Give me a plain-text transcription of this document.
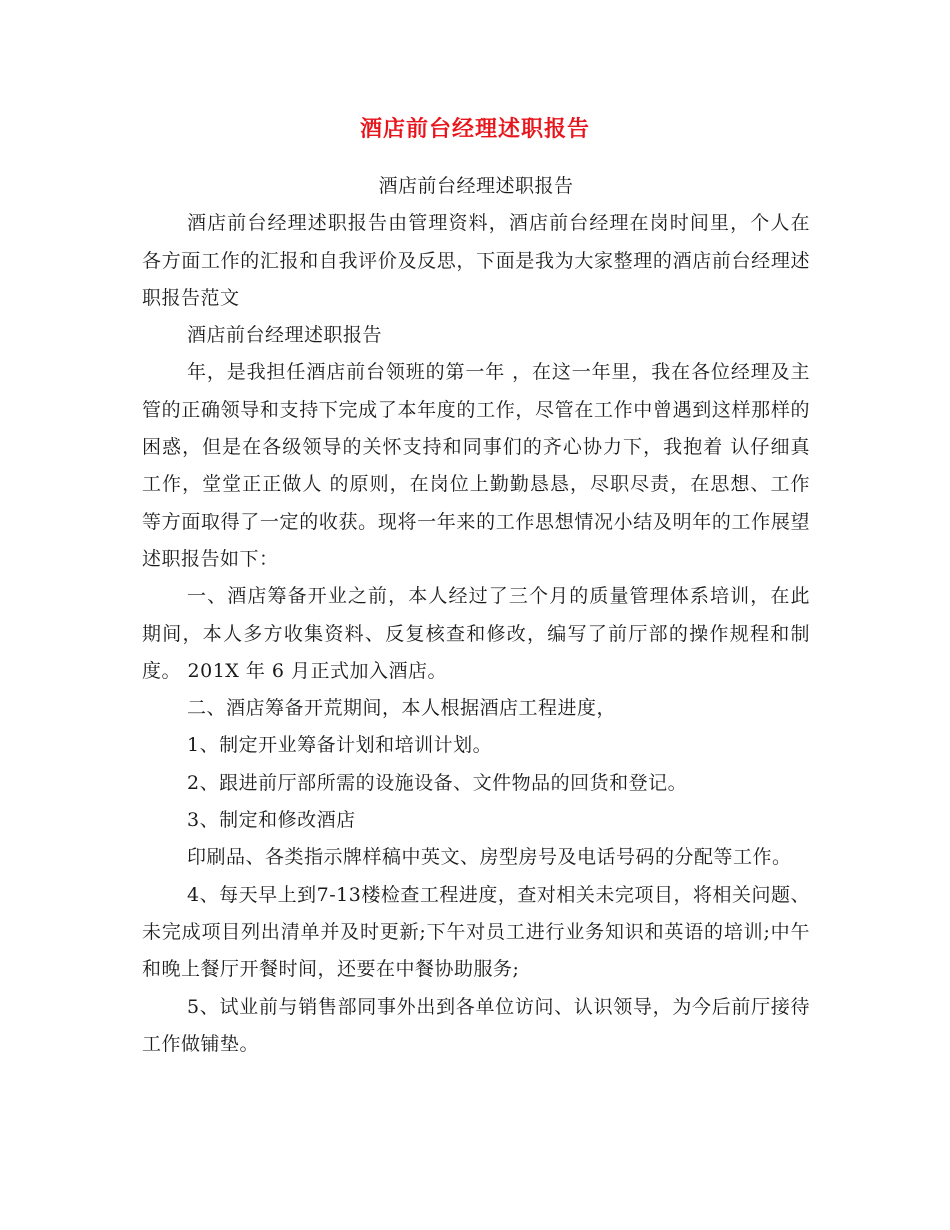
酒店前台经理述职报告

酒店前台经理述职报告

酒店前台经理述职报告由管理资料，酒店前台经理在岗时间里，个人在各方面工作的汇报和自我评价及反思，下面是我为大家整理的酒店前台经理述职报告范文

酒店前台经理述职报告

年，是我担任酒店前台领班的第一年 ，在这一年里，我在各位经理及主管的正确领导和支持下完成了本年度的工作，尽管在工作中曾遇到这样那样的困惑，但是在各级领导的关怀支持和同事们的齐心协力下，我抱着 认仔细真工作，堂堂正正做人 的原则，在岗位上勤勤恳恳，尽职尽责，在思想、工作等方面取得了一定的收获。现将一年来的工作思想情况小结及明年的工作展望述职报告如下：

一、酒店筹备开业之前，本人经过了三个月的质量管理体系培训，在此期间，本人多方收集资料、反复核查和修改，编写了前厅部的操作规程和制度。 201X 年 6 月正式加入酒店。

二、酒店筹备开荒期间，本人根据酒店工程进度，

1、制定开业筹备计划和培训计划。

2、跟进前厅部所需的设施设备、文件物品的回货和登记。

3、制定和修改酒店

印刷品、各类指示牌样稿中英文、房型房号及电话号码的分配等工作。

4、每天早上到7-13楼检查工程进度，查对相关未完项目，将相关问题、未完成项目列出清单并及时更新;下午对员工进行业务知识和英语的培训;中午和晚上餐厅开餐时间，还要在中餐协助服务;

5、试业前与销售部同事外出到各单位访问、认识领导，为今后前厅接待工作做铺垫。
